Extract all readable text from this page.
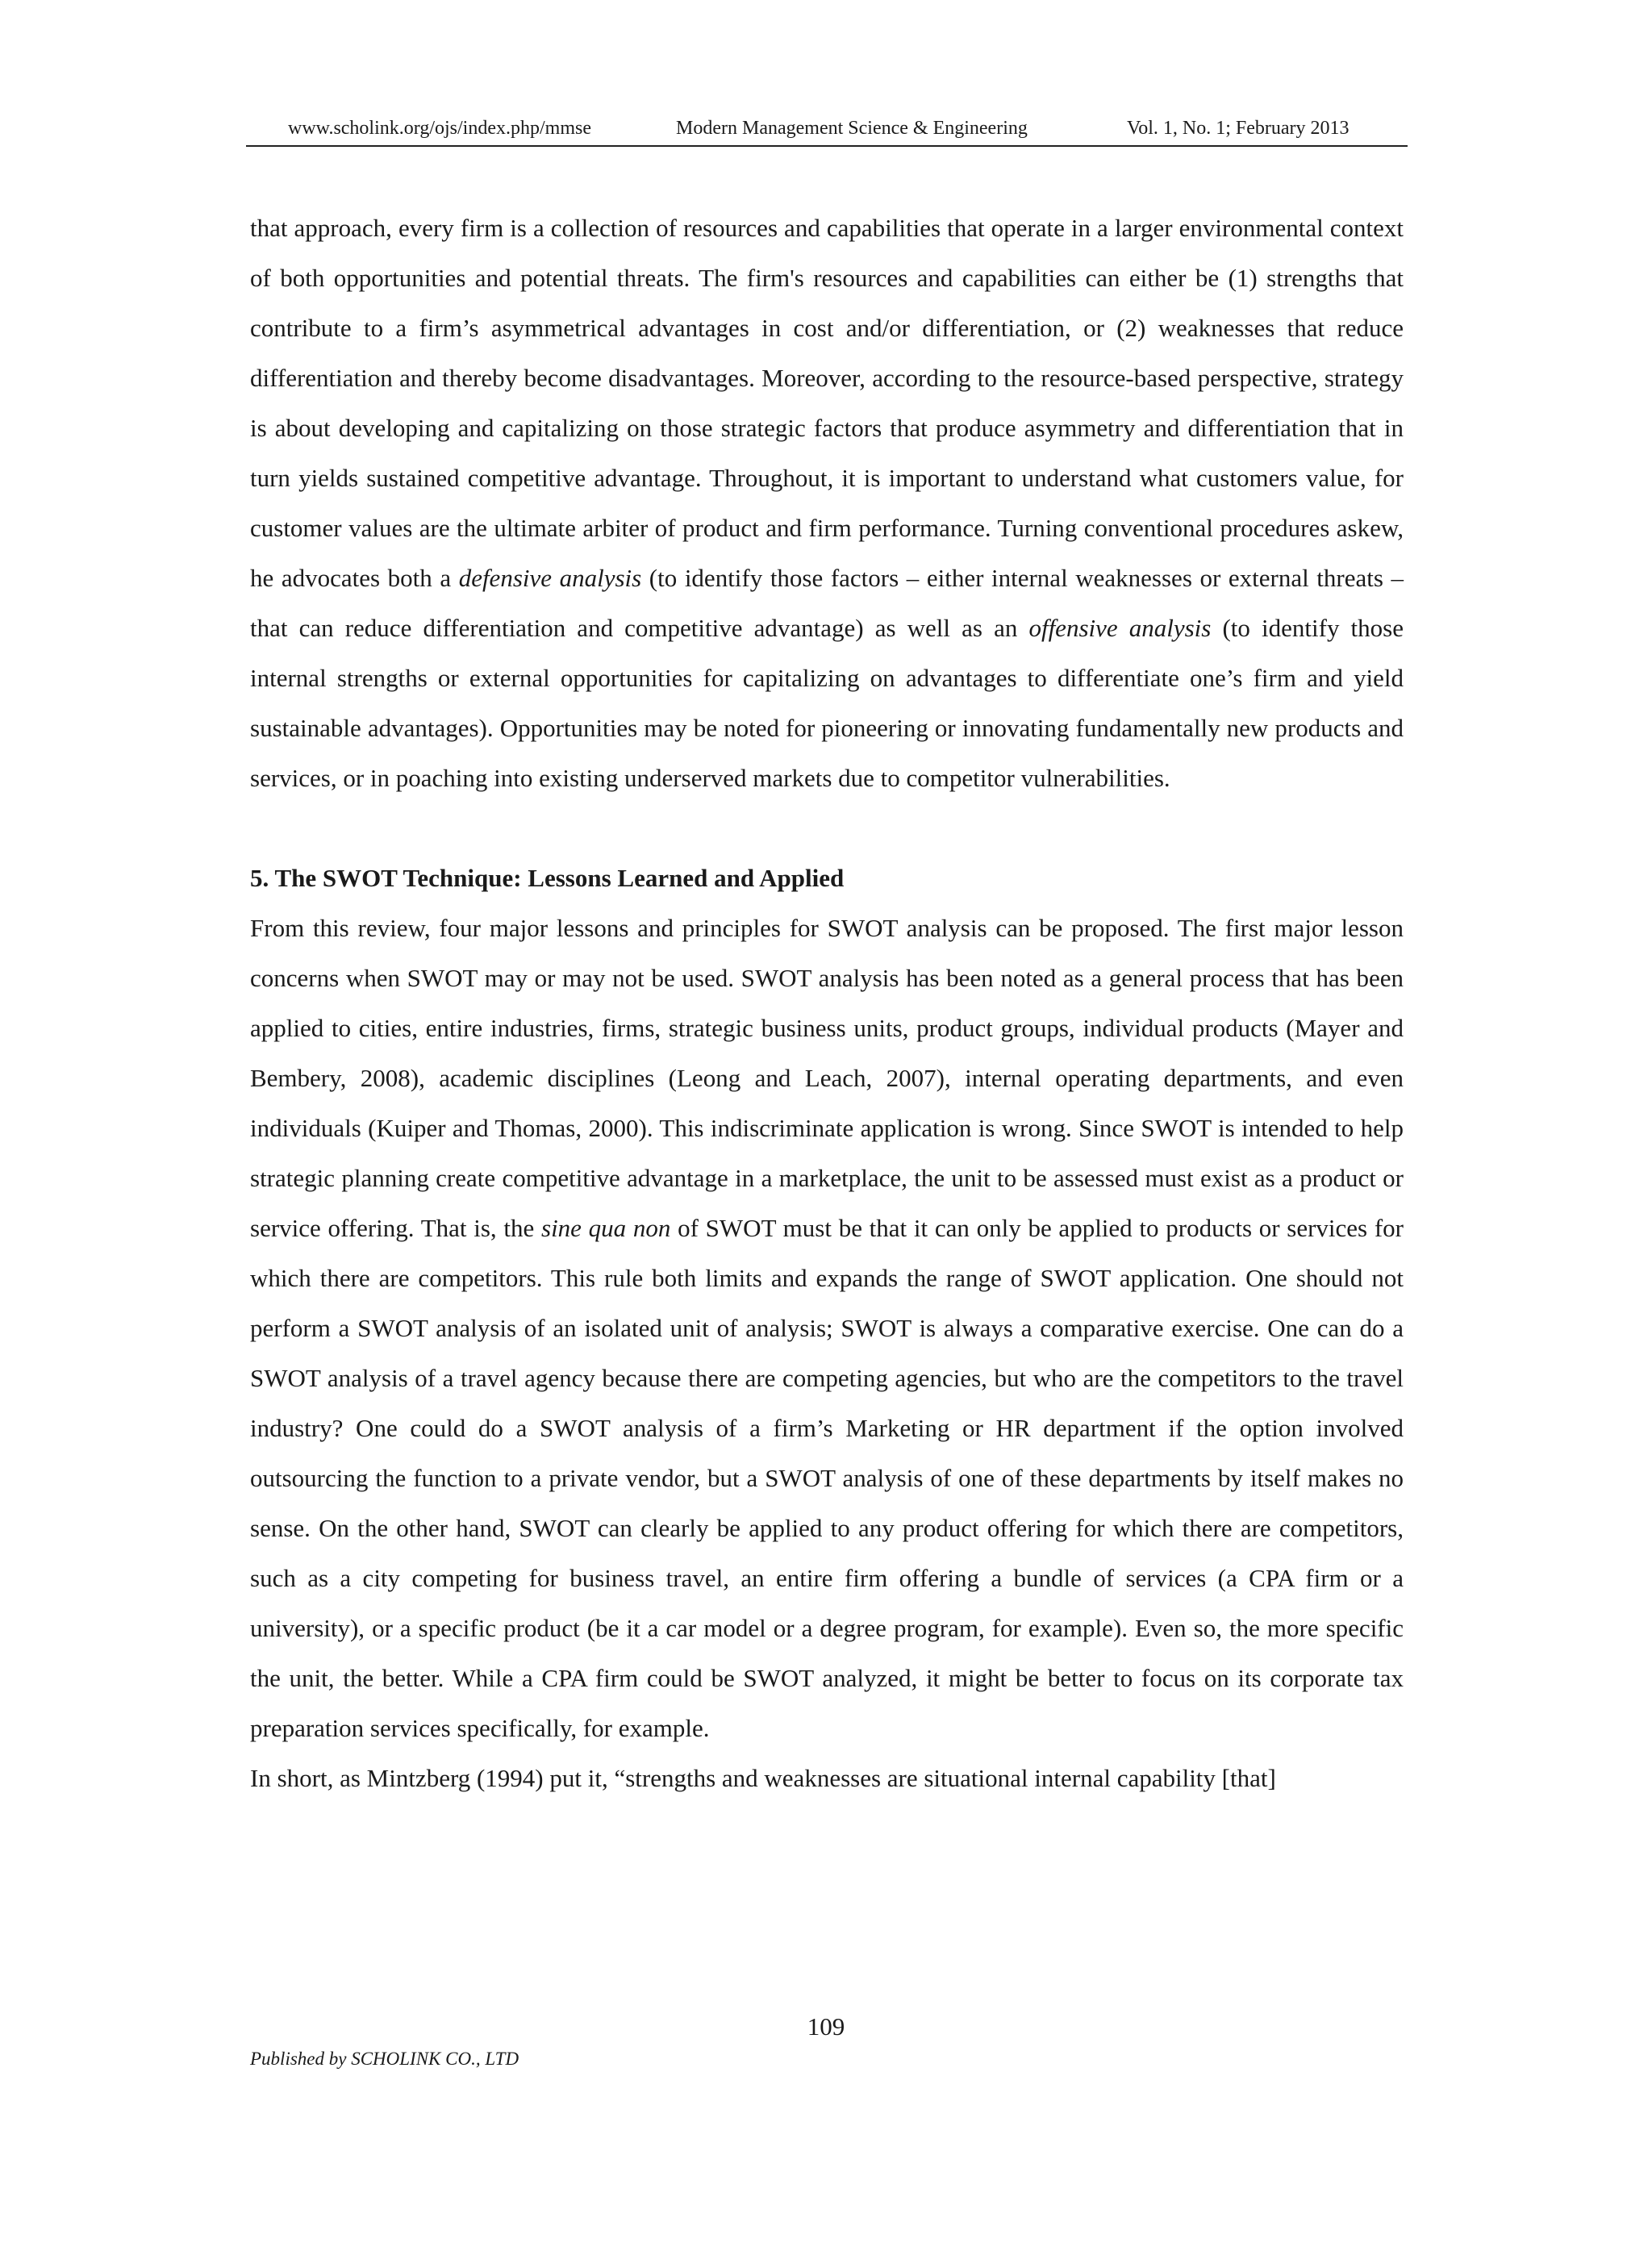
www.scholink.org/ojs/index.php/mmse	Modern Management Science & Engineering	Vol. 1, No. 1; February 2013

that approach, every firm is a collection of resources and capabilities that operate in a larger environmental context of both opportunities and potential threats. The firm's resources and capabilities can either be (1) strengths that contribute to a firm’s asymmetrical advantages in cost and/or differentiation, or (2) weaknesses that reduce differentiation and thereby become disadvantages. Moreover, according to the resource-based perspective, strategy is about developing and capitalizing on those strategic factors that produce asymmetry and differentiation that in turn yields sustained competitive advantage. Throughout, it is important to understand what customers value, for customer values are the ultimate arbiter of product and firm performance. Turning conventional procedures askew, he advocates both a defensive analysis (to identify those factors – either internal weaknesses or external threats – that can reduce differentiation and competitive advantage) as well as an offensive analysis (to identify those internal strengths or external opportunities for capitalizing on advantages to differentiate one’s firm and yield sustainable advantages). Opportunities may be noted for pioneering or innovating fundamentally new products and services, or in poaching into existing underserved markets due to competitor vulnerabilities.

5. The SWOT Technique: Lessons Learned and Applied

From this review, four major lessons and principles for SWOT analysis can be proposed. The first major lesson concerns when SWOT may or may not be used. SWOT analysis has been noted as a general process that has been applied to cities, entire industries, firms, strategic business units, product groups, individual products (Mayer and Bembery, 2008), academic disciplines (Leong and Leach, 2007), internal operating departments, and even individuals (Kuiper and Thomas, 2000). This indiscriminate application is wrong. Since SWOT is intended to help strategic planning create competitive advantage in a marketplace, the unit to be assessed must exist as a product or service offering. That is, the sine qua non of SWOT must be that it can only be applied to products or services for which there are competitors. This rule both limits and expands the range of SWOT application. One should not perform a SWOT analysis of an isolated unit of analysis; SWOT is always a comparative exercise. One can do a SWOT analysis of a travel agency because there are competing agencies, but who are the competitors to the travel industry? One could do a SWOT analysis of a firm’s Marketing or HR department if the option involved outsourcing the function to a private vendor, but a SWOT analysis of one of these departments by itself makes no sense. On the other hand, SWOT can clearly be applied to any product offering for which there are competitors, such as a city competing for business travel, an entire firm offering a bundle of services (a CPA firm or a university), or a specific product (be it a car model or a degree program, for example). Even so, the more specific the unit, the better. While a CPA firm could be SWOT analyzed, it might be better to focus on its corporate tax preparation services specifically, for example.

In short, as Mintzberg (1994) put it, “strengths and weaknesses are situational internal capability [that]

109
Published by SCHOLINK CO., LTD
